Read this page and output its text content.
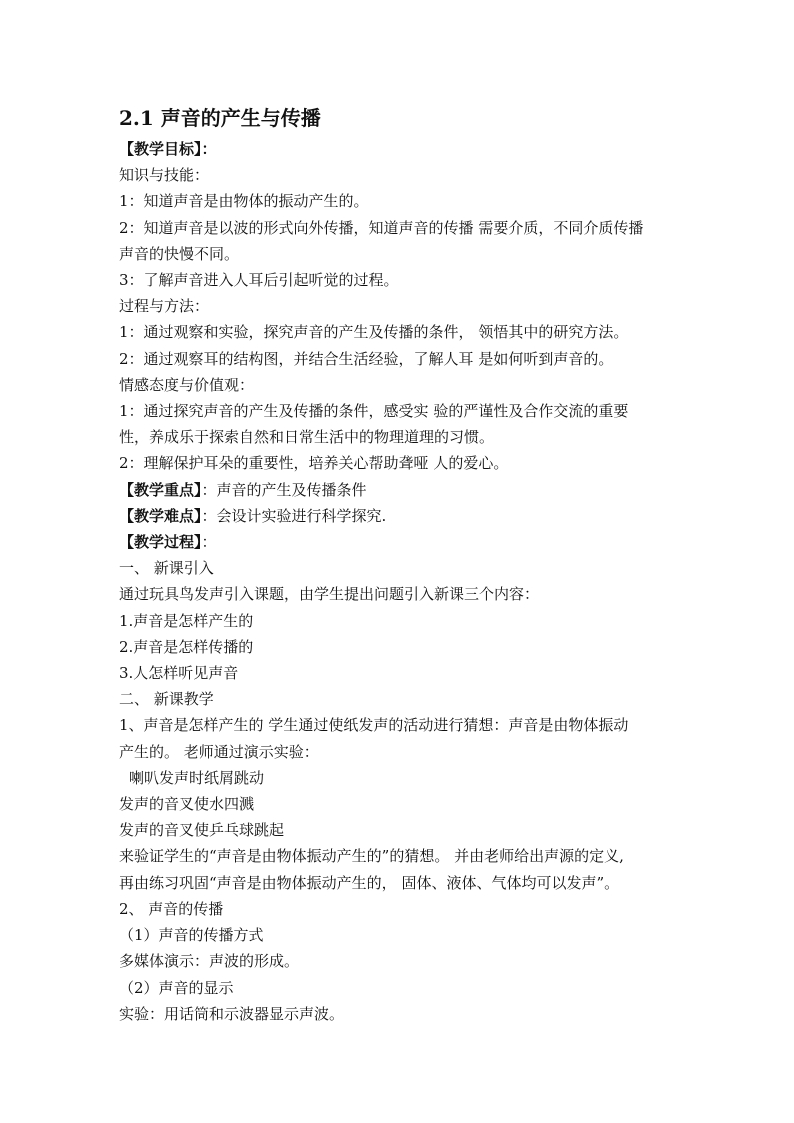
2.1 声音的产生与传播
【教学目标】：
知识与技能：
1：知道声音是由物体的振动产生的。
2：知道声音是以波的形式向外传播，知道声音的传播 需要介质，不同介质传播
声音的快慢不同。
3：了解声音进入人耳后引起听觉的过程。
过程与方法：
1：通过观察和实验，探究声音的产生及传播的条件， 领悟其中的研究方法。
2：通过观察耳的结构图，并结合生活经验，了解人耳 是如何听到声音的。
情感态度与价值观：
1：通过探究声音的产生及传播的条件，感受实 验的严谨性及合作交流的重要
性，养成乐于探索自然和日常生活中的物理道理的习惯。
2：理解保护耳朵的重要性，培养关心帮助聋哑 人的爱心。
【教学重点】：声音的产生及传播条件
【教学难点】：会设计实验进行科学探究.
【教学过程】：
一、 新课引入
通过玩具鸟发声引入课题，由学生提出问题引入新课三个内容：
1.声音是怎样产生的
2.声音是怎样传播的
3.人怎样听见声音
二、 新课教学
1、声音是怎样产生的 学生通过使纸发声的活动进行猜想：声音是由物体振动
产生的。 老师通过演示实验：
喇叭发声时纸屑跳动
发声的音叉使水四溅
发声的音叉使乒乓球跳起
来验证学生的“声音是由物体振动产生的”的猜想。 并由老师给出声源的定义,
再由练习巩固“声音是由物体振动产生的， 固体、液体、气体均可以发声”。
2、 声音的传播
（1）声音的传播方式
多媒体演示：声波的形成。
（2）声音的显示
实验：用话筒和示波器显示声波。
